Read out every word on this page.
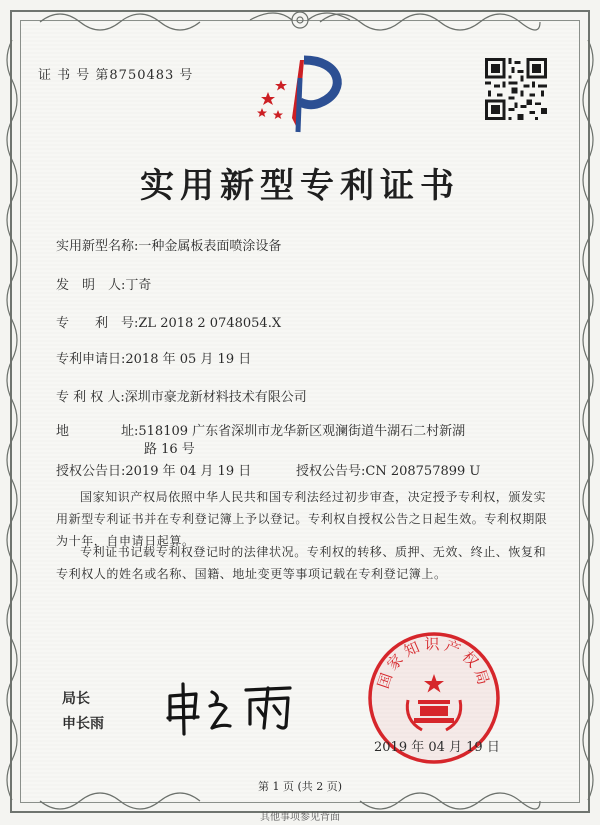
证 书 号 第8750483 号
实用新型专利证书
实用新型名称:一种金属板表面喷涂设备
发　明　人:丁奇
专　　利　号:ZL 2018 2 0748054.X
专利申请日:2018 年 05 月 19 日
专 利 权 人:深圳市豪龙新材料技术有限公司
地　　　　址:518109 广东省深圳市龙华新区观澜街道牛湖石二村新湖
路 16 号
授权公告日:2019 年 04 月 19 日	授权公告号:CN 208757899 U
国家知识产权局依照中华人民共和国专利法经过初步审查，决定授予专利权，颁发实用新型专利证书并在专利登记簿上予以登记。专利权自授权公告之日起生效。专利权期限为十年，自申请日起算。
专利证书记载专利权登记时的法律状况。专利权的转移、质押、无效、终止、恢复和专利权人的姓名或名称、国籍、地址变更等事项记载在专利登记簿上。
局长
申长雨
国家知识产权局
2019 年 04 月 19 日
第 1 页 (共 2 页)
其他事项参见背面
